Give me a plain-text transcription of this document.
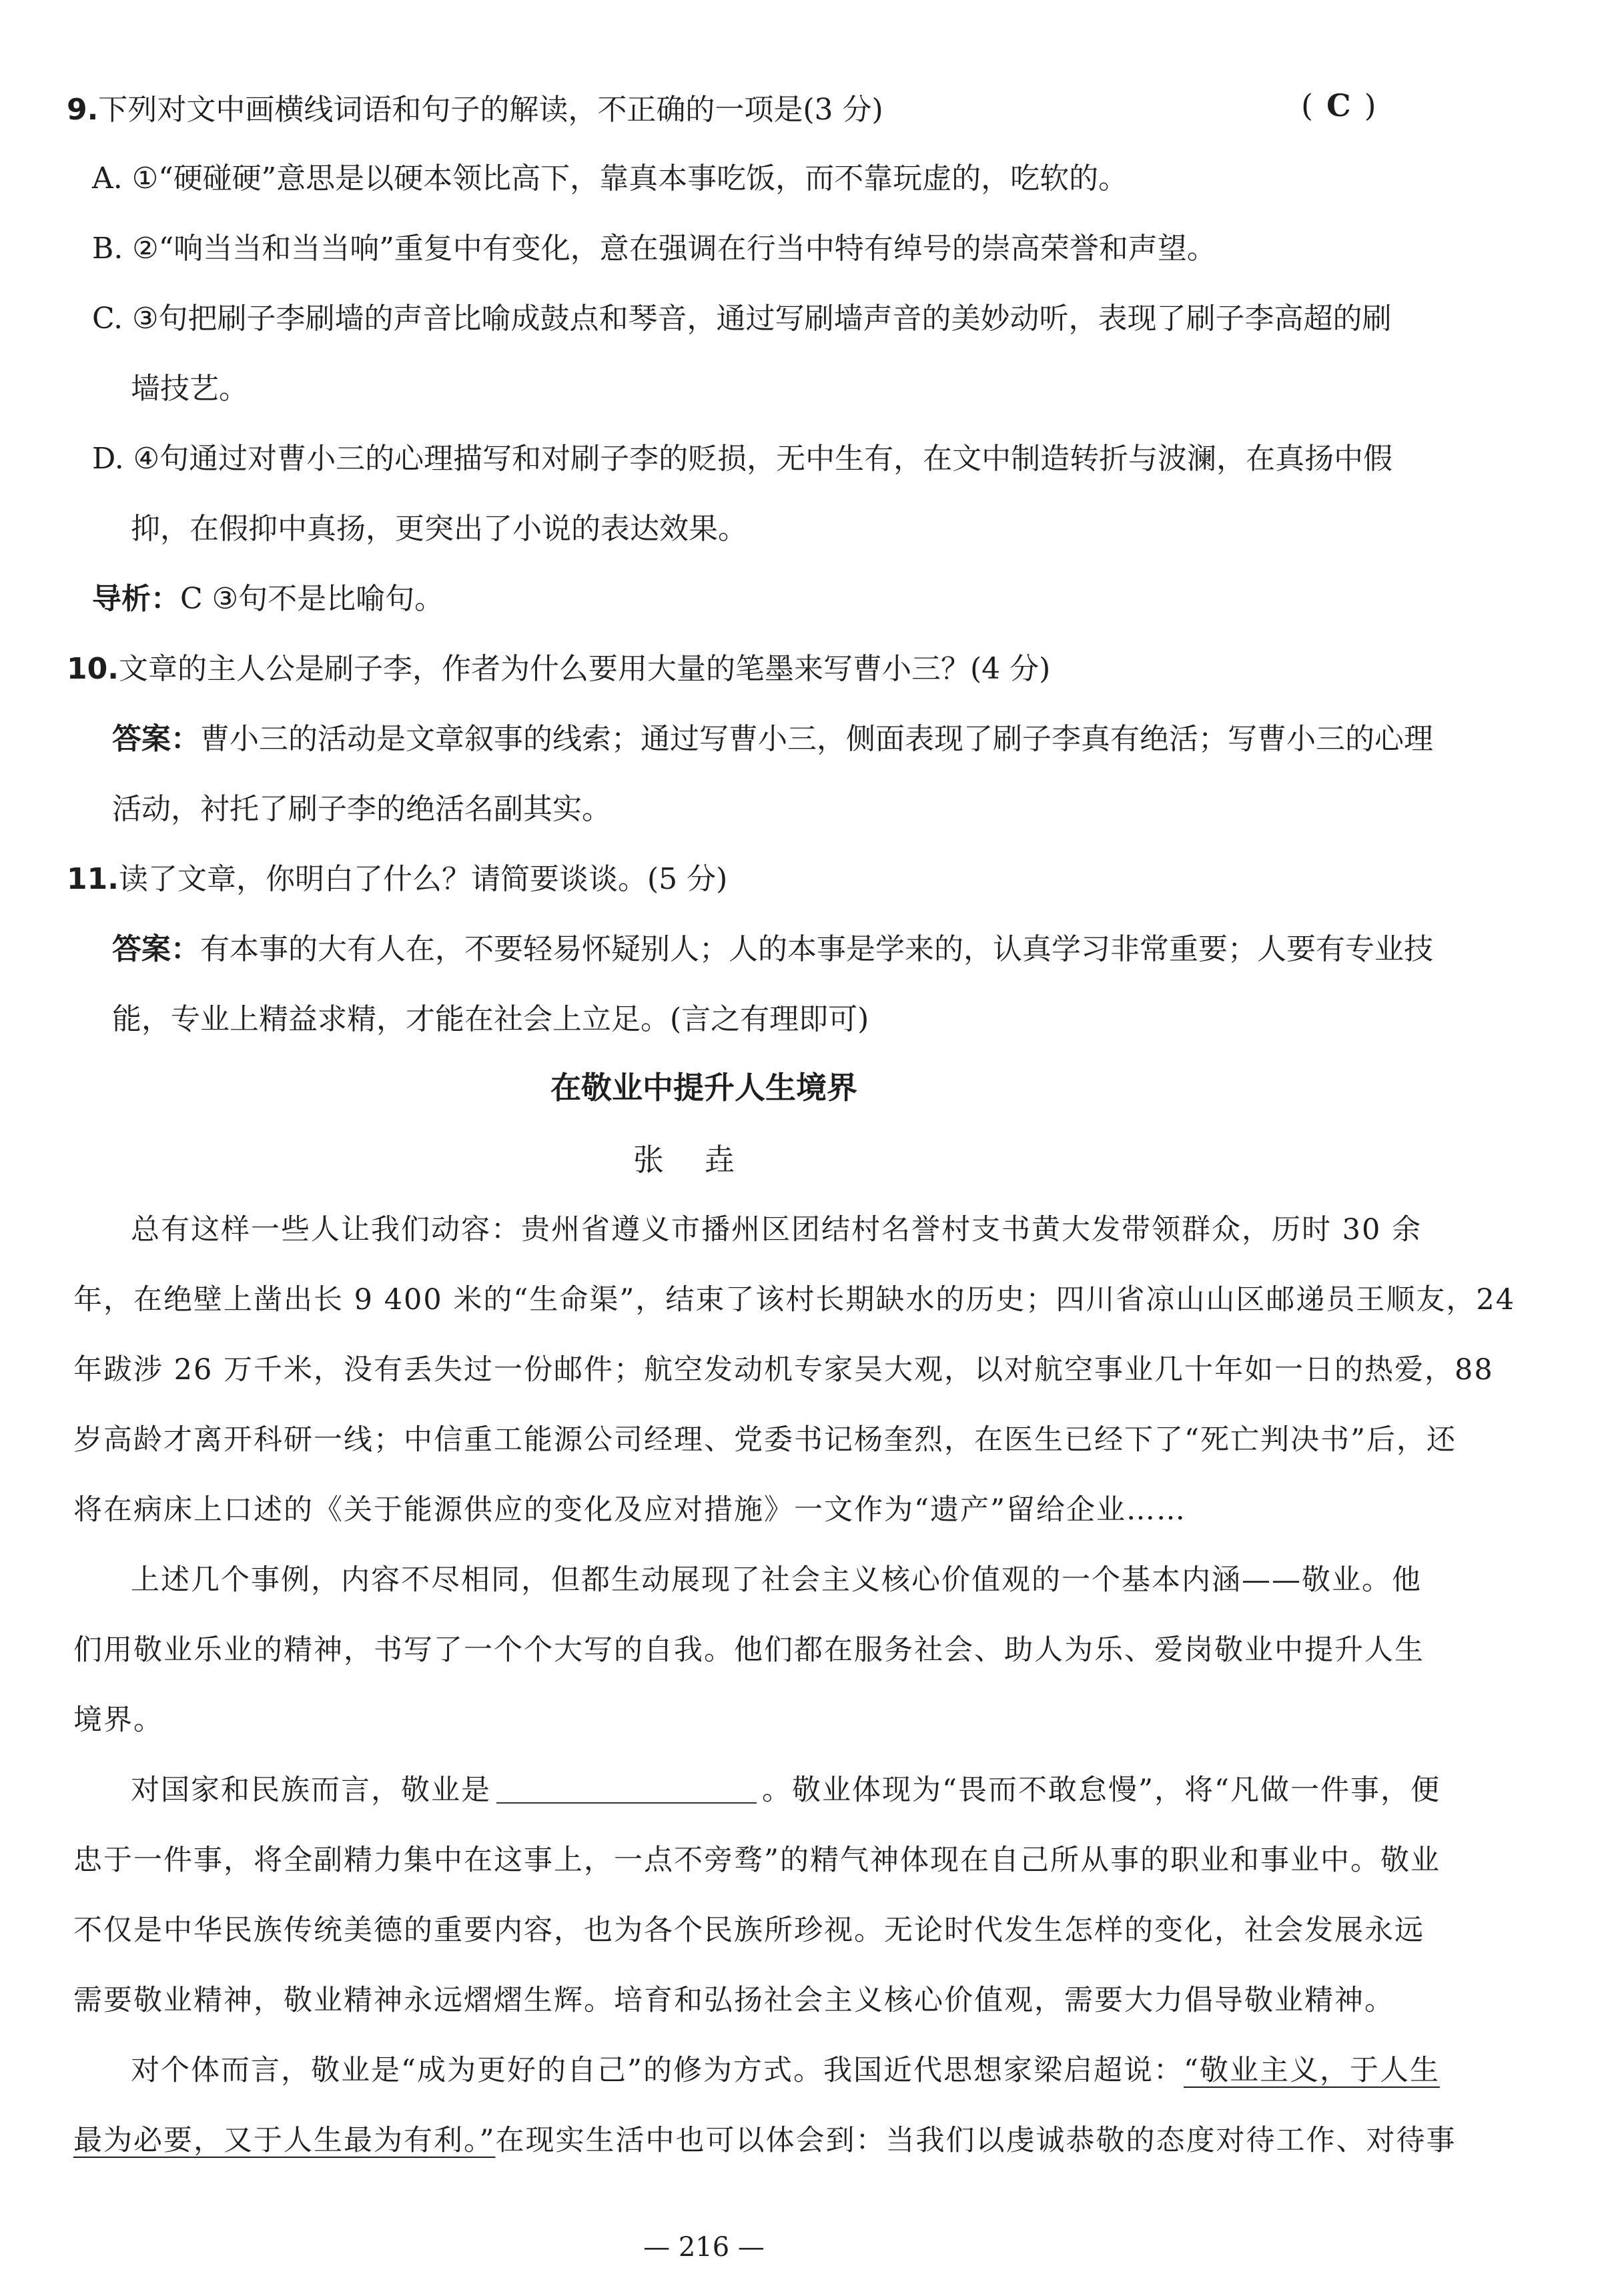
9.下列对文中画横线词语和句子的解读，不正确的一项是(3 分)	( C )
A. ①“硬碰硬”意思是以硬本领比高下，靠真本事吃饭，而不靠玩虚的，吃软的。
B. ②“响当当和当当响”重复中有变化，意在强调在行当中特有绰号的崇高荣誉和声望。
C. ③句把刷子李刷墙的声音比喻成鼓点和琴音，通过写刷墙声音的美妙动听，表现了刷子李高超的刷
墙技艺。
D. ④句通过对曹小三的心理描写和对刷子李的贬损，无中生有，在文中制造转折与波澜，在真扬中假
抑，在假抑中真扬，更突出了小说的表达效果。
导析：C ③句不是比喻句。
10.文章的主人公是刷子李，作者为什么要用大量的笔墨来写曹小三？(4 分)
答案：曹小三的活动是文章叙事的线索；通过写曹小三，侧面表现了刷子李真有绝活；写曹小三的心理
活动，衬托了刷子李的绝活名副其实。
11.读了文章，你明白了什么？请简要谈谈。(5 分)
答案：有本事的大有人在，不要轻易怀疑别人；人的本事是学来的，认真学习非常重要；人要有专业技
能，专业上精益求精，才能在社会上立足。(言之有理即可)
在敬业中提升人生境界
张垚
总有这样一些人让我们动容：贵州省遵义市播州区团结村名誉村支书黄大发带领群众，历时 30 余
年，在绝壁上凿出长 9 400 米的“生命渠”，结束了该村长期缺水的历史；四川省凉山山区邮递员王顺友，24
年跋涉 26 万千米，没有丢失过一份邮件；航空发动机专家吴大观，以对航空事业几十年如一日的热爱，88
岁高龄才离开科研一线；中信重工能源公司经理、党委书记杨奎烈，在医生已经下了“死亡判决书”后，还
将在病床上口述的《关于能源供应的变化及应对措施》一文作为“遗产”留给企业……
上述几个事例，内容不尽相同，但都生动展现了社会主义核心价值观的一个基本内涵——敬业。他
们用敬业乐业的精神，书写了一个个大写的自我。他们都在服务社会、助人为乐、爱岗敬业中提升人生
境界。
对国家和民族而言，敬业是	。敬业体现为“畏而不敢怠慢”，将“凡做一件事，便
忠于一件事，将全副精力集中在这事上，一点不旁骛”的精气神体现在自己所从事的职业和事业中。敬业
不仅是中华民族传统美德的重要内容，也为各个民族所珍视。无论时代发生怎样的变化，社会发展永远
需要敬业精神，敬业精神永远熠熠生辉。培育和弘扬社会主义核心价值观，需要大力倡导敬业精神。
对个体而言，敬业是“成为更好的自己”的修为方式。我国近代思想家梁启超说：“敬业主义，于人生
最为必要，又于人生最为有利。”在现实生活中也可以体会到：当我们以虔诚恭敬的态度对待工作、对待事
— 216 —
